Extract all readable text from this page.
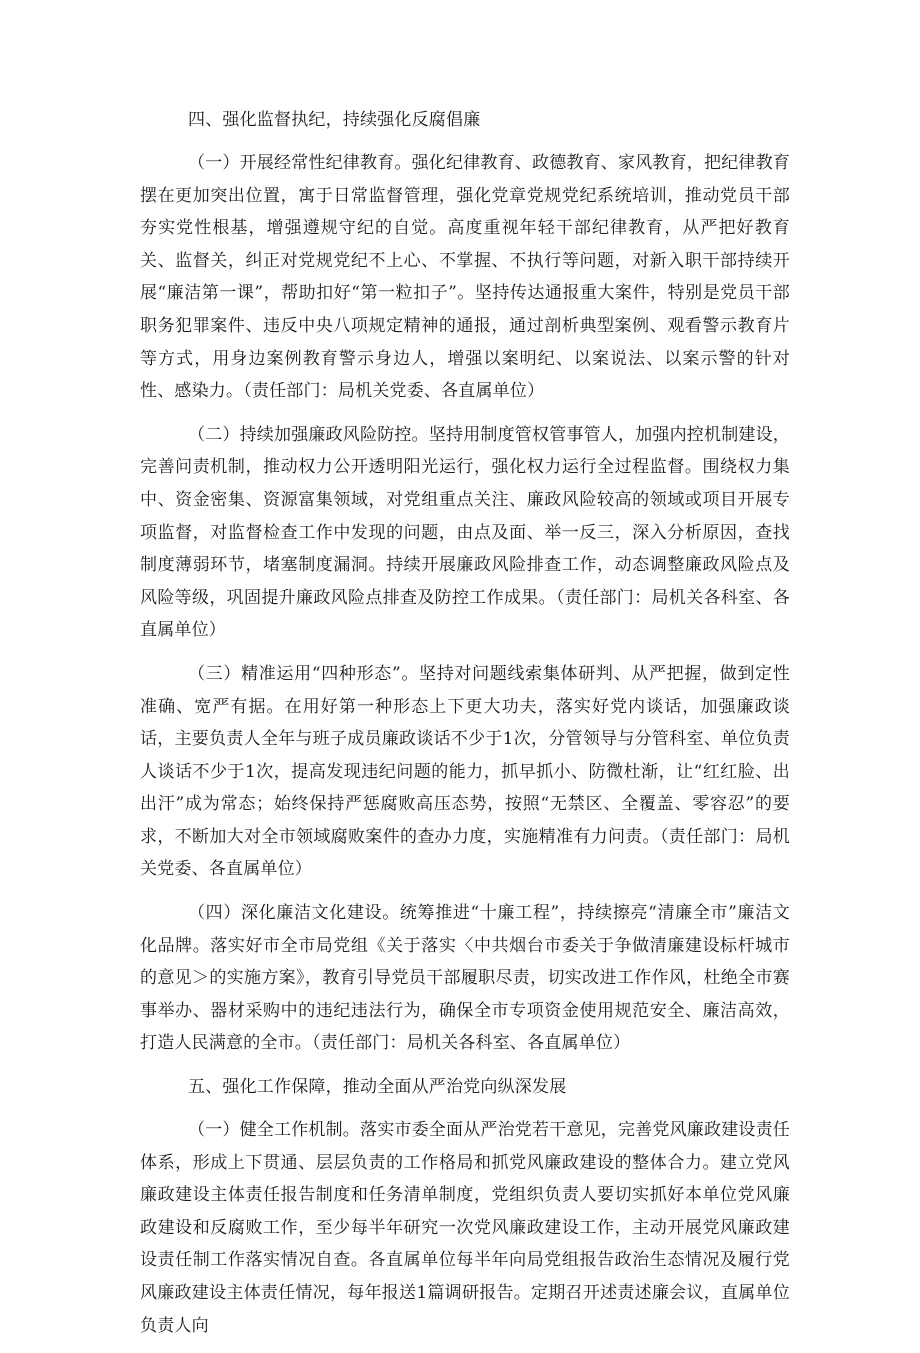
四、强化监督执纪，持续强化反腐倡廉

（一）开展经常性纪律教育。强化纪律教育、政德教育、家风教育，把纪律教育摆在更加突出位置，寓于日常监督管理，强化党章党规党纪系统培训，推动党员干部夯实党性根基，增强遵规守纪的自觉。高度重视年轻干部纪律教育，从严把好教育关、监督关，纠正对党规党纪不上心、不掌握、不执行等问题，对新入职干部持续开展“廉洁第一课”，帮助扣好“第一粒扣子”。坚持传达通报重大案件，特别是党员干部职务犯罪案件、违反中央八项规定精神的通报，通过剖析典型案例、观看警示教育片等方式，用身边案例教育警示身边人，增强以案明纪、以案说法、以案示警的针对性、感染力。（责任部门：局机关党委、各直属单位）

（二）持续加强廉政风险防控。坚持用制度管权管事管人，加强内控机制建设，完善问责机制，推动权力公开透明阳光运行，强化权力运行全过程监督。围绕权力集中、资金密集、资源富集领域，对党组重点关注、廉政风险较高的领域或项目开展专项监督，对监督检查工作中发现的问题，由点及面、举一反三，深入分析原因，查找制度薄弱环节，堵塞制度漏洞。持续开展廉政风险排查工作，动态调整廉政风险点及风险等级，巩固提升廉政风险点排查及防控工作成果。（责任部门：局机关各科室、各直属单位）

（三）精准运用“四种形态”。坚持对问题线索集体研判、从严把握，做到定性准确、宽严有据。在用好第一种形态上下更大功夫，落实好党内谈话，加强廉政谈话，主要负责人全年与班子成员廉政谈话不少于1次，分管领导与分管科室、单位负责人谈话不少于1次，提高发现违纪问题的能力，抓早抓小、防微杜渐，让“红红脸、出出汗”成为常态；始终保持严惩腐败高压态势，按照“无禁区、全覆盖、零容忍”的要求，不断加大对全市领域腐败案件的查办力度，实施精准有力问责。（责任部门：局机关党委、各直属单位）

（四）深化廉洁文化建设。统筹推进“十廉工程”，持续擦亮“清廉全市”廉洁文化品牌。落实好市全市局党组《关于落实〈中共烟台市委关于争做清廉建设标杆城市的意见＞的实施方案》，教育引导党员干部履职尽责，切实改进工作作风，杜绝全市赛事举办、器材采购中的违纪违法行为，确保全市专项资金使用规范安全、廉洁高效，打造人民满意的全市。（责任部门：局机关各科室、各直属单位）

五、强化工作保障，推动全面从严治党向纵深发展

（一）健全工作机制。落实市委全面从严治党若干意见，完善党风廉政建设责任体系，形成上下贯通、层层负责的工作格局和抓党风廉政建设的整体合力。建立党风廉政建设主体责任报告制度和任务清单制度，党组织负责人要切实抓好本单位党风廉政建设和反腐败工作，至少每半年研究一次党风廉政建设工作，主动开展党风廉政建设责任制工作落实情况自查。各直属单位每半年向局党组报告政治生态情况及履行党风廉政建设主体责任情况，每年报送1篇调研报告。定期召开述责述廉会议，直属单位负责人向
